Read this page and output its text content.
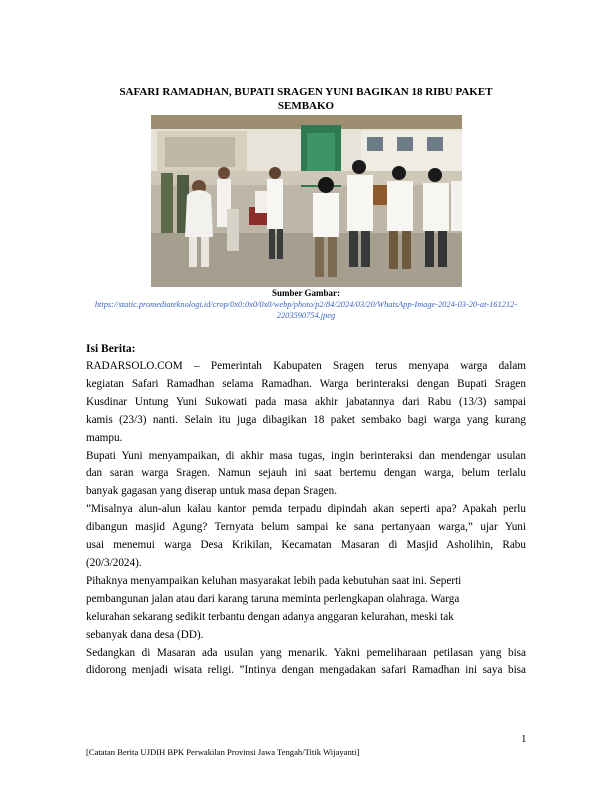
SAFARI RAMADHAN, BUPATI SRAGEN YUNI BAGIKAN 18 RIBU PAKET SEMBAKO
Sumber Gambar:
https://static.promediateknologi.id/crop/0x0:0x0/0x0/webp/photo/p2/84/2024/03/20/WhatsApp-Image-2024-03-20-at-161212-2203590754.jpeg
Isi Berita:

RADARSOLO.COM – Pemerintah Kabupaten Sragen terus menyapa warga dalam

kegiatan Safari Ramadhan selama Ramadhan. Warga berinteraksi dengan Bupati Sragen

Kusdinar Untung Yuni Sukowati pada masa akhir jabatannya dari Rabu (13/3) sampai

kamis (23/3) nanti. Selain itu juga dibagikan 18 paket sembako bagi warga yang kurang

mampu.

Bupati Yuni menyampaikan, di akhir masa tugas, ingin berinteraksi dan mendengar usulan

dan saran warga Sragen. Namun sejauh ini saat bertemu dengan warga, belum terlalu

banyak gagasan yang diserap untuk masa depan Sragen.

”Misalnya alun-alun kalau kantor pemda terpadu dipindah akan seperti apa? Apakah perlu

dibangun masjid Agung? Ternyata belum sampai ke sana pertanyaan warga,” ujar Yuni

usai menemui warga Desa Krikilan, Kecamatan Masaran di Masjid Asholihin, Rabu

(20/3/2024).

Pihaknya menyampaikan keluhan masyarakat lebih pada kebutuhan saat ini. Seperti

pembangunan jalan atau dari karang taruna meminta perlengkapan olahraga. Warga

kelurahan sekarang sedikit terbantu dengan adanya anggaran kelurahan, meski tak

sebanyak dana desa (DD).

Sedangkan di Masaran ada usulan yang menarik. Yakni pemeliharaan petilasan yang bisa

didorong menjadi wisata religi. ”Intinya dengan mengadakan safari Ramadhan ini saya bisa

1
[Catatan Berita UJDIH BPK Perwakilan Provinsi Jawa Tengah/Titik Wijayanti]
